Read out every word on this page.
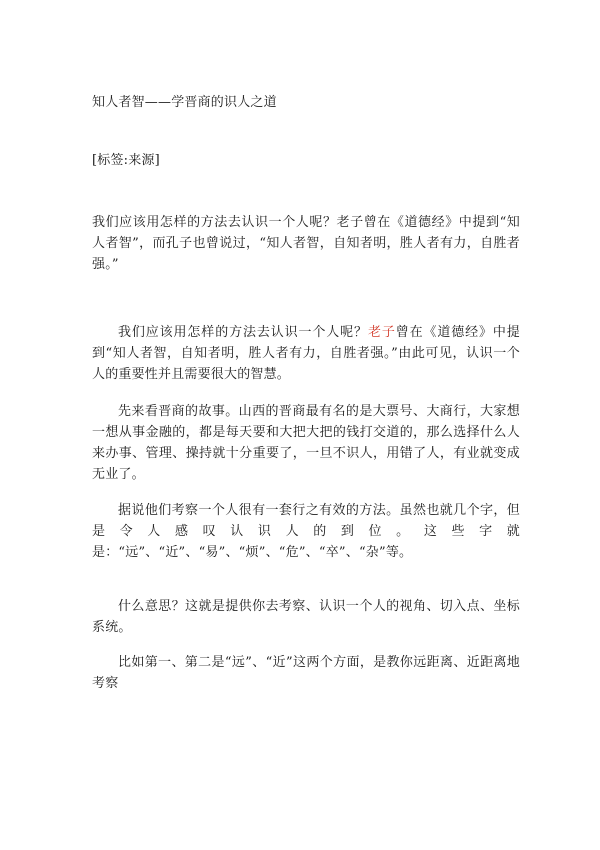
知人者智——学晋商的识人之道
[标签:来源]
我们应该用怎样的方法去认识一个人呢？老子曾在《道德经》中提到“知人者智”，而孔子也曾说过，“知人者智，自知者明，胜人者有力，自胜者强。”
我们应该用怎样的方法去认识一个人呢？老子曾在《道德经》中提到“知人者智，自知者明，胜人者有力，自胜者强。”由此可见，认识一个人的重要性并且需要很大的智慧。
先来看晋商的故事。山西的晋商最有名的是大票号、大商行，大家想一想从事金融的，都是每天要和大把大把的钱打交道的，那么选择什么人来办事、管理、操持就十分重要了，一旦不识人，用错了人，有业就变成无业了。
据说他们考察一个人很有一套行之有效的方法。虽然也就几个字，但是令人感叹认识人的到位。这些字就是：“远”、“近”、“易”、“烦”、“危”、“卒”、“杂”等。
什么意思？这就是提供你去考察、认识一个人的视角、切入点、坐标系统。
比如第一、第二是“远”、“近”这两个方面，是教你远距离、近距离地考察
